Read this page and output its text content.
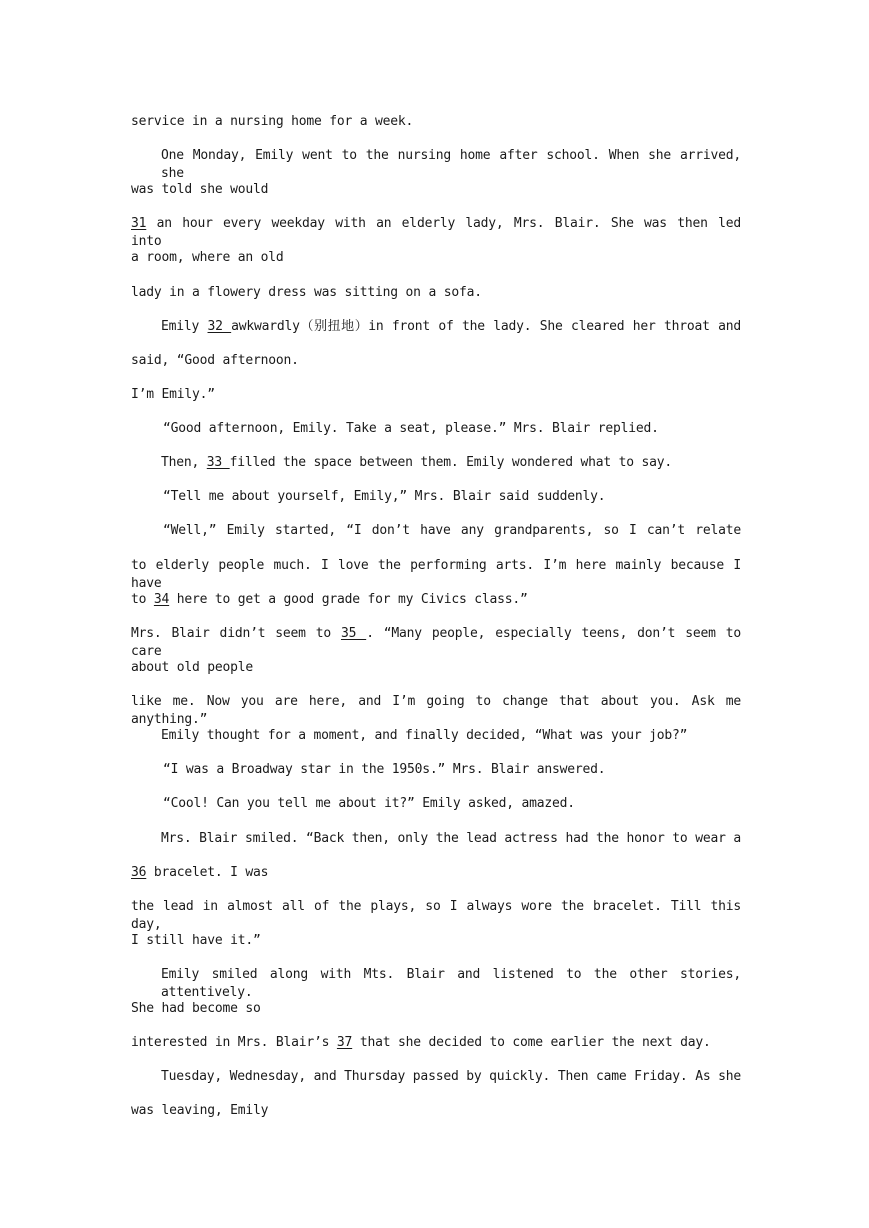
service in a nursing home for a week.
One Monday, Emily went to the nursing home after school. When she arrived, she
was told she would
31 an hour every weekday with an elderly lady, Mrs. Blair. She was then led into
a room, where an old
lady in a flowery dress was sitting on a sofa.
Emily 32 awkwardly（别扭地）in front of the lady. She cleared her throat and
said, “Good afternoon.
I’m Emily.”
“Good afternoon, Emily. Take a seat, please.” Mrs. Blair replied.
Then, 33 filled the space between them. Emily wondered what to say.
“Tell me about yourself, Emily,” Mrs. Blair said suddenly.
“Well,” Emily started, “I don’t have any grandparents, so I can’t relate
to elderly people much. I love the performing arts. I’m here mainly because I have
to 34 here to get a good grade for my Civics class.”
Mrs. Blair didn’t seem to 35 . “Many people, especially teens, don’t seem to care
about old people
like me. Now you are here, and I’m going to change that about you. Ask me anything.”
Emily thought for a moment, and finally decided, “What was your job?”
“I was a Broadway star in the 1950s.” Mrs. Blair answered.
“Cool! Can you tell me about it?” Emily asked, amazed.
Mrs. Blair smiled. “Back then, only the lead actress had the honor to wear a
36 bracelet. I was
the lead in almost all of the plays, so I always wore the bracelet. Till this day,
I still have it.”
Emily smiled along with Mts. Blair and listened to the other stories, attentively.
She had become so
interested in Mrs. Blair’s 37 that she decided to come earlier the next day.
Tuesday, Wednesday, and Thursday passed by quickly. Then came Friday. As she
was leaving, Emily
